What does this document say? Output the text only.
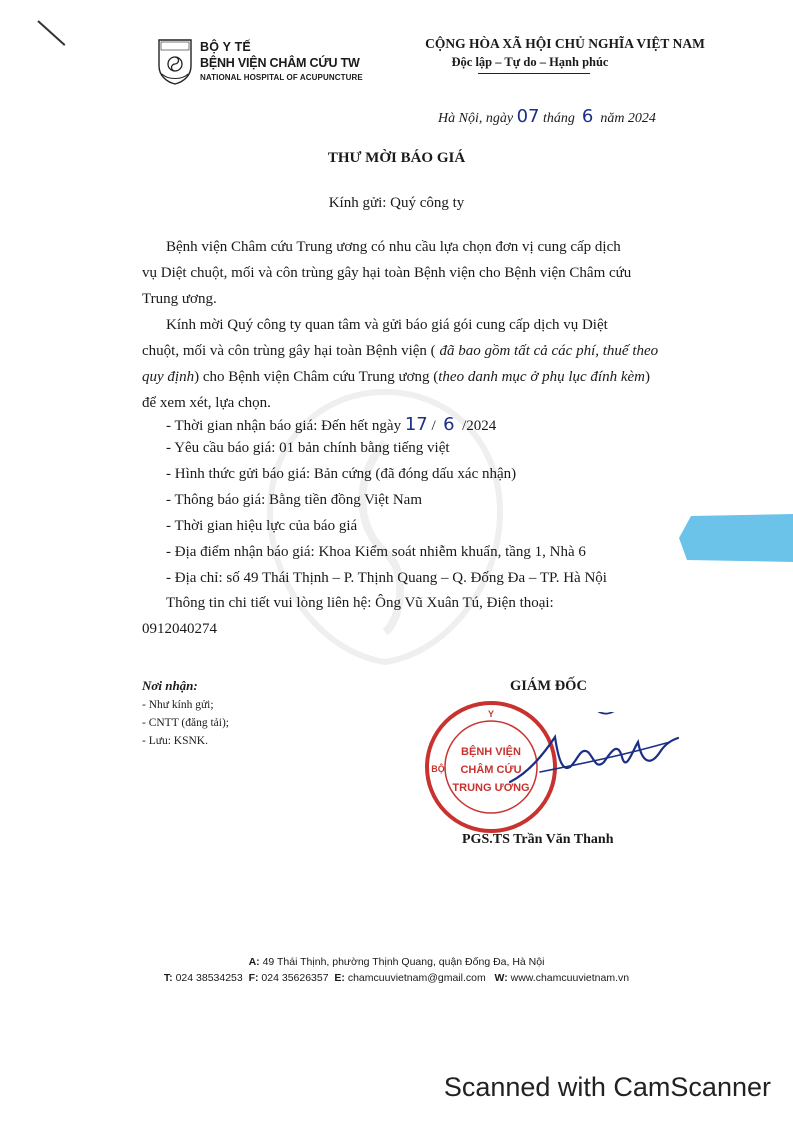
BỘ Y TẾ
BỆNH VIỆN CHÂM CỨU TW
NATIONAL HOSPITAL OF ACUPUNCTURE
CỘNG HÒA XÃ HỘI CHỦ NGHĨA VIỆT NAM
Độc lập – Tự do – Hạnh phúc
Hà Nội, ngày 07 tháng 6 năm 2024
THƯ MỜI BÁO GIÁ
Kính gửi: Quý công ty
Bệnh viện Châm cứu Trung ương có nhu cầu lựa chọn đơn vị cung cấp dịch
vụ Diệt chuột, mối và côn trùng gây hại toàn Bệnh viện cho Bệnh viện Châm cứu
Trung ương.
Kính mời Quý công ty quan tâm và gửi báo giá gói cung cấp dịch vụ Diệt
chuột, mối và côn trùng gây hại toàn Bệnh viện ( đã bao gồm tất cả các phí, thuế theo
quy định) cho Bệnh viện Châm cứu Trung ương (theo danh mục ở phụ lục đính kèm)
để xem xét, lựa chọn.
- Thời gian nhận báo giá: Đến hết ngày 17 / 6 /2024
- Yêu cầu báo giá: 01 bản chính bằng tiếng việt
- Hình thức gửi báo giá: Bản cứng (đã đóng dấu xác nhận)
- Thông báo giá: Bằng tiền đồng Việt Nam
- Thời gian hiệu lực của báo giá
- Địa điểm nhận báo giá: Khoa Kiểm soát nhiễm khuẩn, tầng 1, Nhà 6
- Địa chỉ: số 49 Thái Thịnh – P. Thịnh Quang – Q. Đống Đa – TP. Hà Nội
Thông tin chi tiết vui lòng liên hệ: Ông Vũ Xuân Tú, Điện thoại:
0912040274
Nơi nhận:
- Như kính gửi;
- CNTT (đăng tải);
- Lưu: KSNK.
GIÁM ĐỐC
Y
BỘ
BỆNH VIỆN
CHÂM CỨU
TRUNG ƯƠNG
PGS.TS Trần Văn Thanh
A: 49 Thái Thịnh, phường Thịnh Quang, quận Đống Đa, Hà Nội
T: 024 38534253 F: 024 35626357 E: chamcuuvietnam@gmail.com W: www.chamcuuvietnam.vn
Scanned with CamScanner
